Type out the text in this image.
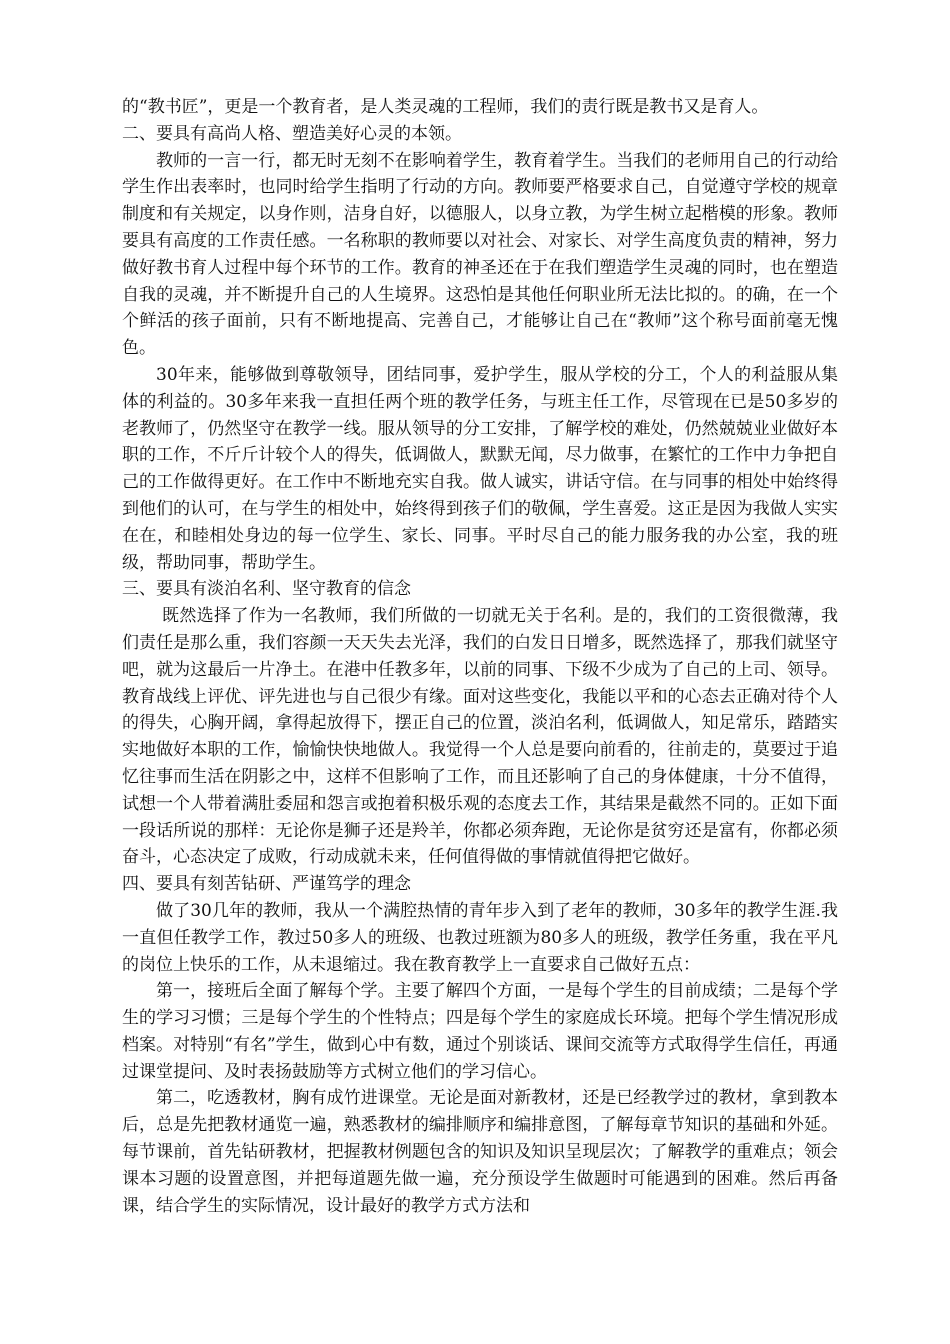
的“教书匠”，更是一个教育者，是人类灵魂的工程师，我们的责行既是教书又是育人。

二、要具有高尚人格、塑造美好心灵的本领。

教师的一言一行，都无时无刻不在影响着学生，教育着学生。当我们的老师用自己的行动给学生作出表率时，也同时给学生指明了行动的方向。教师要严格要求自己，自觉遵守学校的规章制度和有关规定，以身作则，洁身自好，以德服人，以身立教，为学生树立起楷模的形象。教师要具有高度的工作责任感。一名称职的教师要以对社会、对家长、对学生高度负责的精神，努力做好教书育人过程中每个环节的工作。教育的神圣还在于在我们塑造学生灵魂的同时，也在塑造自我的灵魂，并不断提升自己的人生境界。这恐怕是其他任何职业所无法比拟的。的确，在一个个鲜活的孩子面前，只有不断地提高、完善自己，才能够让自己在“教师”这个称号面前毫无愧色。

30年来，能够做到尊敬领导，团结同事，爱护学生，服从学校的分工，个人的利益服从集体的利益的。30多年来我一直担任两个班的教学任务，与班主任工作，尽管现在已是50多岁的老教师了，仍然坚守在教学一线。服从领导的分工安排，了解学校的难处，仍然兢兢业业做好本职的工作，不斤斤计较个人的得失，低调做人，默默无闻，尽力做事，在繁忙的工作中力争把自己的工作做得更好。在工作中不断地充实自我。做人诚实，讲话守信。在与同事的相处中始终得到他们的认可，在与学生的相处中，始终得到孩子们的敬佩，学生喜爱。这正是因为我做人实实在在，和睦相处身边的每一位学生、家长、同事。平时尽自己的能力服务我的办公室，我的班级，帮助同事，帮助学生。

三、要具有淡泊名利、坚守教育的信念

既然选择了作为一名教师，我们所做的一切就无关于名利。是的，我们的工资很微薄，我们责任是那么重，我们容颜一天天失去光泽，我们的白发日日增多，既然选择了，那我们就坚守吧，就为这最后一片净土。在港中任教多年，以前的同事、下级不少成为了自己的上司、领导。教育战线上评优、评先进也与自己很少有缘。面对这些变化，我能以平和的心态去正确对待个人的得失，心胸开阔，拿得起放得下，摆正自己的位置，淡泊名利，低调做人，知足常乐，踏踏实实地做好本职的工作，愉愉快快地做人。我觉得一个人总是要向前看的，往前走的，莫要过于追忆往事而生活在阴影之中，这样不但影响了工作，而且还影响了自己的身体健康，十分不值得，试想一个人带着满肚委屈和怨言或抱着积极乐观的态度去工作，其结果是截然不同的。正如下面一段话所说的那样：无论你是狮子还是羚羊，你都必须奔跑，无论你是贫穷还是富有，你都必须奋斗，心态决定了成败，行动成就未来，任何值得做的事情就值得把它做好。

四、要具有刻苦钻研、严谨笃学的理念

做了30几年的教师，我从一个满腔热情的青年步入到了老年的教师，30多年的教学生涯.我一直但任教学工作，教过50多人的班级、也教过班额为80多人的班级，教学任务重，我在平凡的岗位上快乐的工作，从未退缩过。我在教育教学上一直要求自己做好五点：

第一，接班后全面了解每个学。主要了解四个方面，一是每个学生的目前成绩；二是每个学生的学习习惯；三是每个学生的个性特点；四是每个学生的家庭成长环境。把每个学生情况形成档案。对特别“有名”学生，做到心中有数，通过个别谈话、课间交流等方式取得学生信任，再通过课堂提问、及时表扬鼓励等方式树立他们的学习信心。

第二，吃透教材，胸有成竹进课堂。无论是面对新教材，还是已经教学过的教材，拿到教本后，总是先把教材通览一遍，熟悉教材的编排顺序和编排意图，了解每章节知识的基础和外延。每节课前，首先钻研教材，把握教材例题包含的知识及知识呈现层次；了解教学的重难点；领会课本习题的设置意图，并把每道题先做一遍，充分预设学生做题时可能遇到的困难。然后再备课，结合学生的实际情况，设计最好的教学方式方法和
